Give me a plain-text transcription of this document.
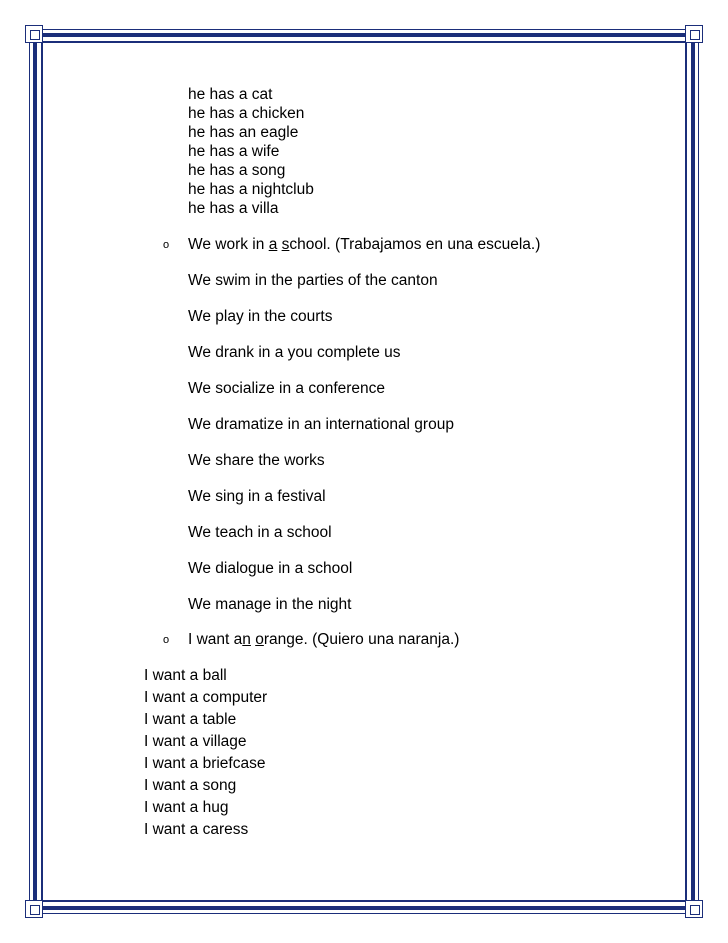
he has a cat
he has a chicken
he has an eagle
he has a wife
he has a song
he has a nightclub
he has a villa
o We work in a school. (Trabajamos en una escuela.)
We swim in the parties of the canton
We play in the courts
We drank in a you complete us
We socialize in a conference
We dramatize in an international group
We share the works
We sing in a festival
We teach in a school
We dialogue in a school
We manage in the night
o I want an orange. (Quiero una naranja.)
I want a ball
I want a computer
I want a table
I want a village
I want a briefcase
I want a song
I want a hug
I want a caress
